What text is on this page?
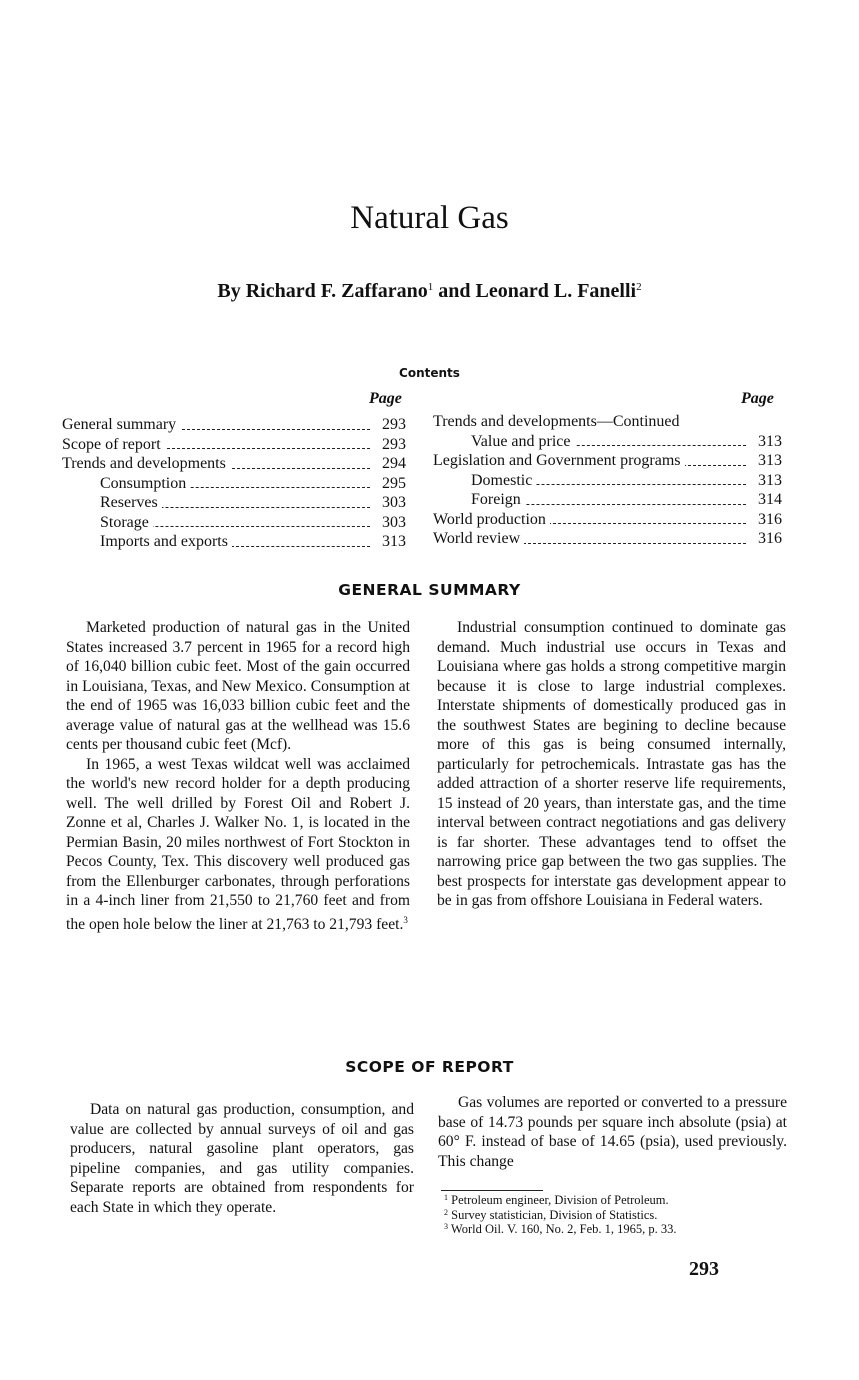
Natural Gas
By Richard F. Zaffarano$^1$ and Leonard L. Fanelli$^2$
Contents
Page	Page
General summary	293
Scope of report	293
Trends and developments	294
Consumption	295
Reserves	303
Storage	303
Imports and exports	313
Trends and developments—Continued
Value and price	313
Legislation and Government programs	313
Domestic	313
Foreign	314
World production	316
World review	316
GENERAL SUMMARY

Marketed production of natural gas in the United States increased 3.7 percent in 1965 for a record high of 16,040 billion cubic feet. Most of the gain occurred in Louisiana, Texas, and New Mexico. Consumption at the end of 1965 was 16,033 billion cubic feet and the average value of natural gas at the wellhead was 15.6 cents per thousand cubic feet (Mcf).

In 1965, a west Texas wildcat well was acclaimed the world's new record holder for a depth producing well. The well drilled by Forest Oil and Robert J. Zonne et al, Charles J. Walker No. 1, is located in the Permian Basin, 20 miles northwest of Fort Stockton in Pecos County, Tex. This discovery well produced gas from the Ellenburger carbonates, through perforations in a 4-inch liner from 21,550 to 21,760 feet and from the open hole below the liner at 21,763 to 21,793 feet.$^3$

Industrial consumption continued to dominate gas demand. Much industrial use occurs in Texas and Louisiana where gas holds a strong competitive margin because it is close to large industrial complexes. Interstate shipments of domestically produced gas in the southwest States are begining to decline because more of this gas is being consumed internally, particularly for petrochemicals. Intrastate gas has the added attraction of a shorter reserve life requirements, 15 instead of 20 years, than interstate gas, and the time interval between contract negotiations and gas delivery is far shorter. These advantages tend to offset the narrowing price gap between the two gas supplies. The best prospects for interstate gas development appear to be in gas from offshore Louisiana in Federal waters.

SCOPE OF REPORT

Data on natural gas production, consumption, and value are collected by annual surveys of oil and gas producers, natural gasoline plant operators, gas pipeline companies, and gas utility companies. Separate reports are obtained from respondents for each State in which they operate.

Gas volumes are reported or converted to a pressure base of 14.73 pounds per square inch absolute (psia) at 60° F. instead of base of 14.65 (psia), used previously. This change

$^1$ Petroleum engineer, Division of Petroleum.
$^2$ Survey statistician, Division of Statistics.
$^3$ World Oil. V. 160, No. 2, Feb. 1, 1965, p. 33.
293
